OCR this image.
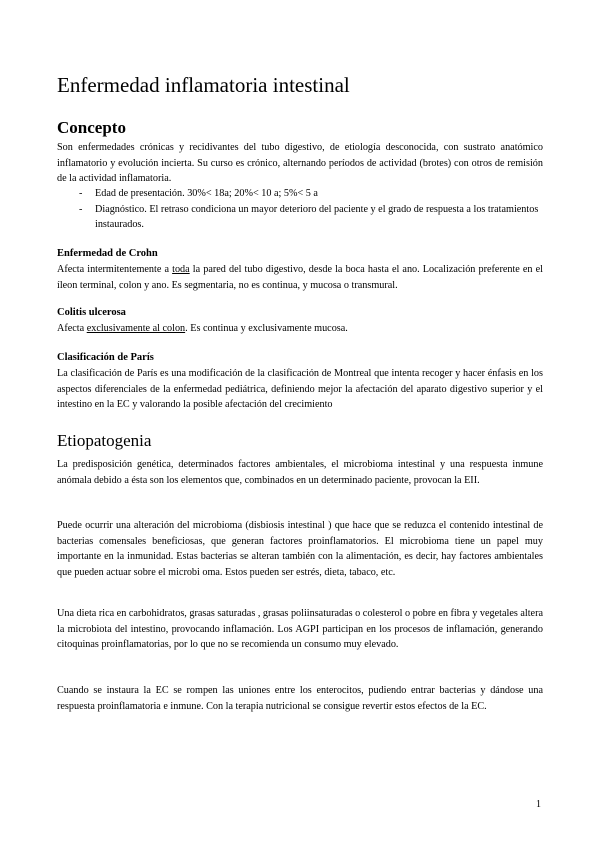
Enfermedad inflamatoria intestinal
Concepto

Son enfermedades crónicas y recidivantes del tubo digestivo, de etiología desconocida, con sustrato anatómico inflamatorio y evolución incierta. Su curso es crónico, alternando períodos de actividad (brotes) con otros de remisión de la actividad inflamatoria.

- Edad de presentación. 30%< 18a; 20%< 10 a; 5%< 5 a
- Diagnóstico. El retraso condiciona un mayor deterioro del paciente y el grado de respuesta a los tratamientos instaurados.
Enfermedad de Crohn

Afecta intermitentemente a toda la pared del tubo digestivo, desde la boca hasta el ano. Localización preferente en el íleon terminal, colon y ano. Es segmentaria, no es continua, y mucosa o transmural.

Colitis ulcerosa

Afecta exclusivamente al colon. Es continua y exclusivamente mucosa.

Clasificación de París

La clasificación de París es una modificación de la clasificación de Montreal que intenta recoger y hacer énfasis en los aspectos diferenciales de la enfermedad pediátrica, definiendo mejor la afectación del aparato digestivo superior y el intestino en la EC y valorando la posible afectación del crecimiento

Etiopatogenia

La predisposición genética, determinados factores ambientales, el microbioma intestinal y una respuesta inmune anómala debido a ésta son los elementos que, combinados en un determinado paciente, provocan la EII.

Puede ocurrir una alteración del microbioma (disbiosis intestinal ) que hace que se reduzca el contenido intestinal de bacterias comensales beneficiosas, que generan factores proinflamatorios. El microbioma tiene un papel muy importante en la inmunidad. Estas bacterias se alteran también con la alimentación, es decir, hay factores ambientales que pueden actuar sobre el microbi oma. Estos pueden ser estrés, dieta, tabaco, etc.

Una dieta rica en carbohidratos, grasas saturadas , grasas poliinsaturadas o colesterol o pobre en fibra y vegetales altera la microbiota del intestino, provocando inflamación. Los AGPI participan en los procesos de inflamación, generando citoquinas proinflamatorias, por lo que no se recomienda un consumo muy elevado.

Cuando se instaura la EC se rompen las uniones entre los enterocitos, pudiendo entrar bacterias y dándose una respuesta proinflamatoria e inmune. Con la terapia nutricional se consigue revertir estos efectos de la EC.

1
